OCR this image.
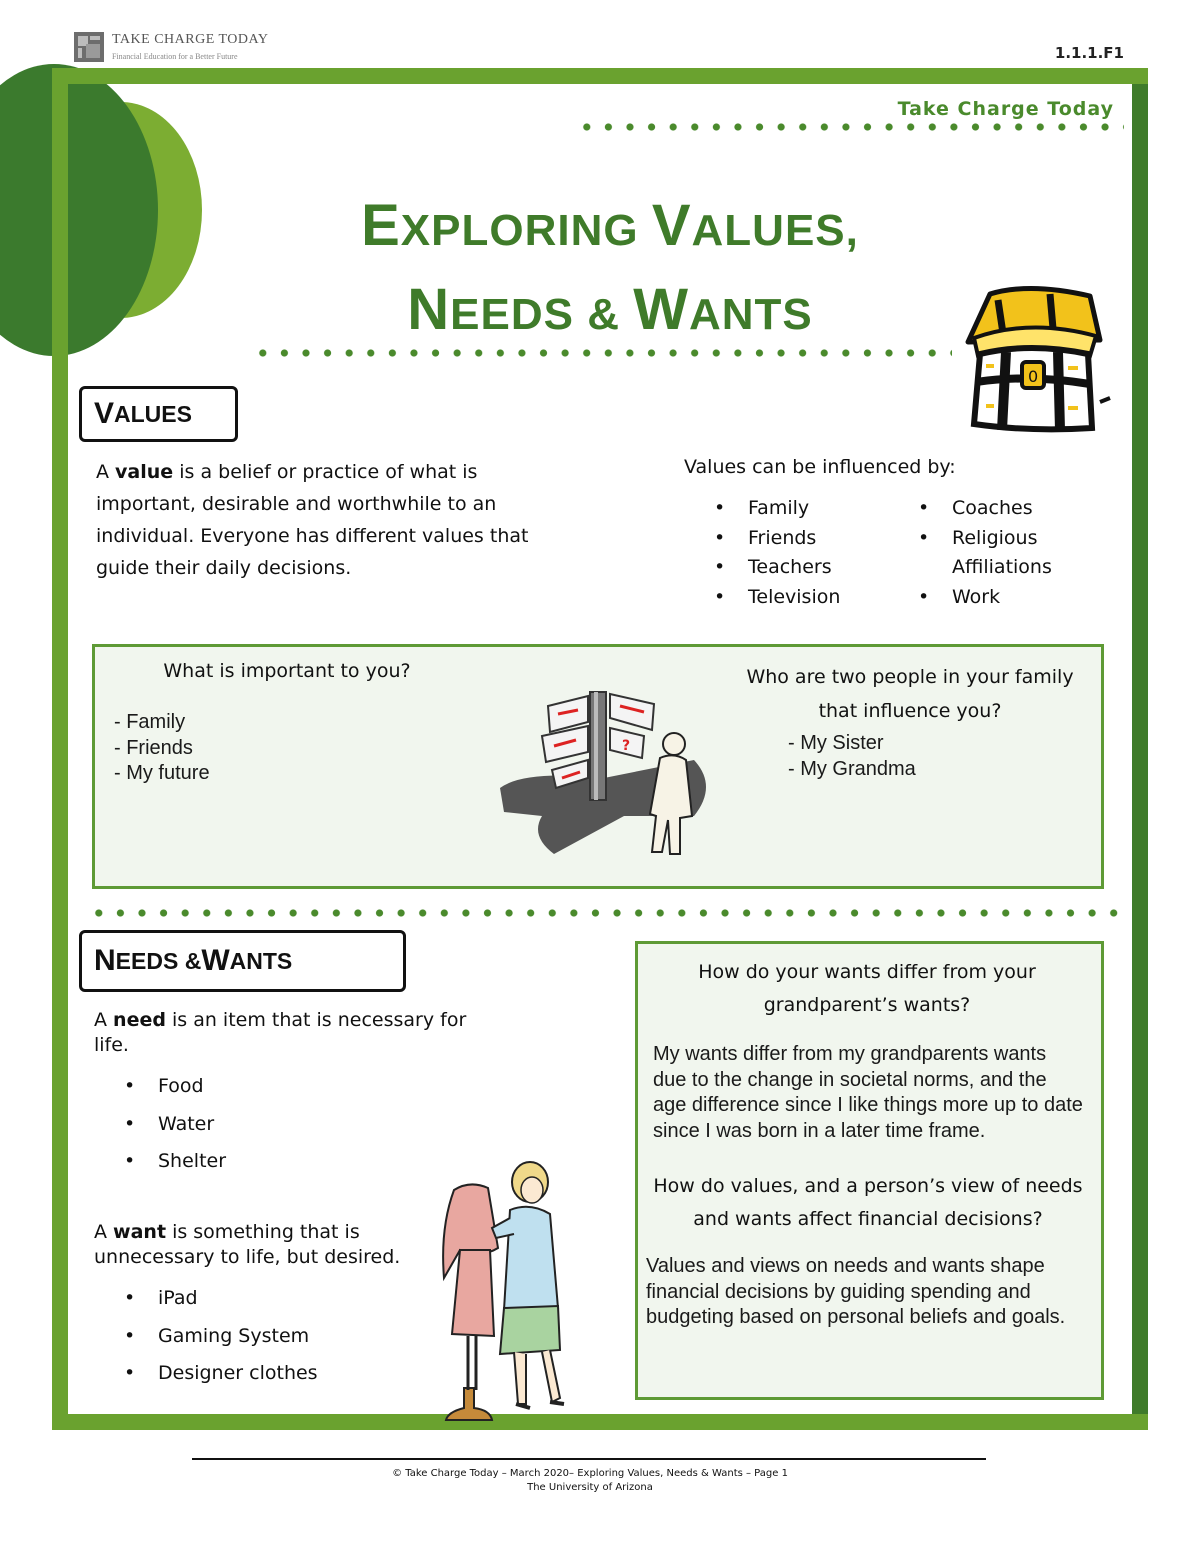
TAKE CHARGE TODAY
Financial Education for a Better Future	1.1.1.F1
Take Charge Today
EXPLORING VALUES,
NEEDS & WANTS
0
V ALUES

A value is a belief or practice of what is important, desirable and worthwhile to an individual. Everyone has different values that guide their daily decisions.

Values can be influenced by:
• Family
• Friends
• Teachers
• Television
• Coaches
• Religious Affiliations
• Work
What is important to you?
- Family
- Friends
- My future
Who are two people in your family that influence you?
- My Sister
- My Grandma
?
N EEDS & W ANTS

A need is an item that is necessary for life.

• Food
• Water
• Shelter

A want is something that is unnecessary to life, but desired.

• iPad
• Gaming System
• Designer clothes
How do your wants differ from your grandparent’s wants?
My wants differ from my grandparents wants due to the change in societal norms, and the age difference since I like things more up to date since I was born in a later time frame.
How do values, and a person’s view of needs and wants affect financial decisions?
Values and views on needs and wants shape financial decisions by guiding spending and budgeting based on personal beliefs and goals.
© Take Charge Today – March 2020– Exploring Values, Needs & Wants – Page 1
The University of Arizona
